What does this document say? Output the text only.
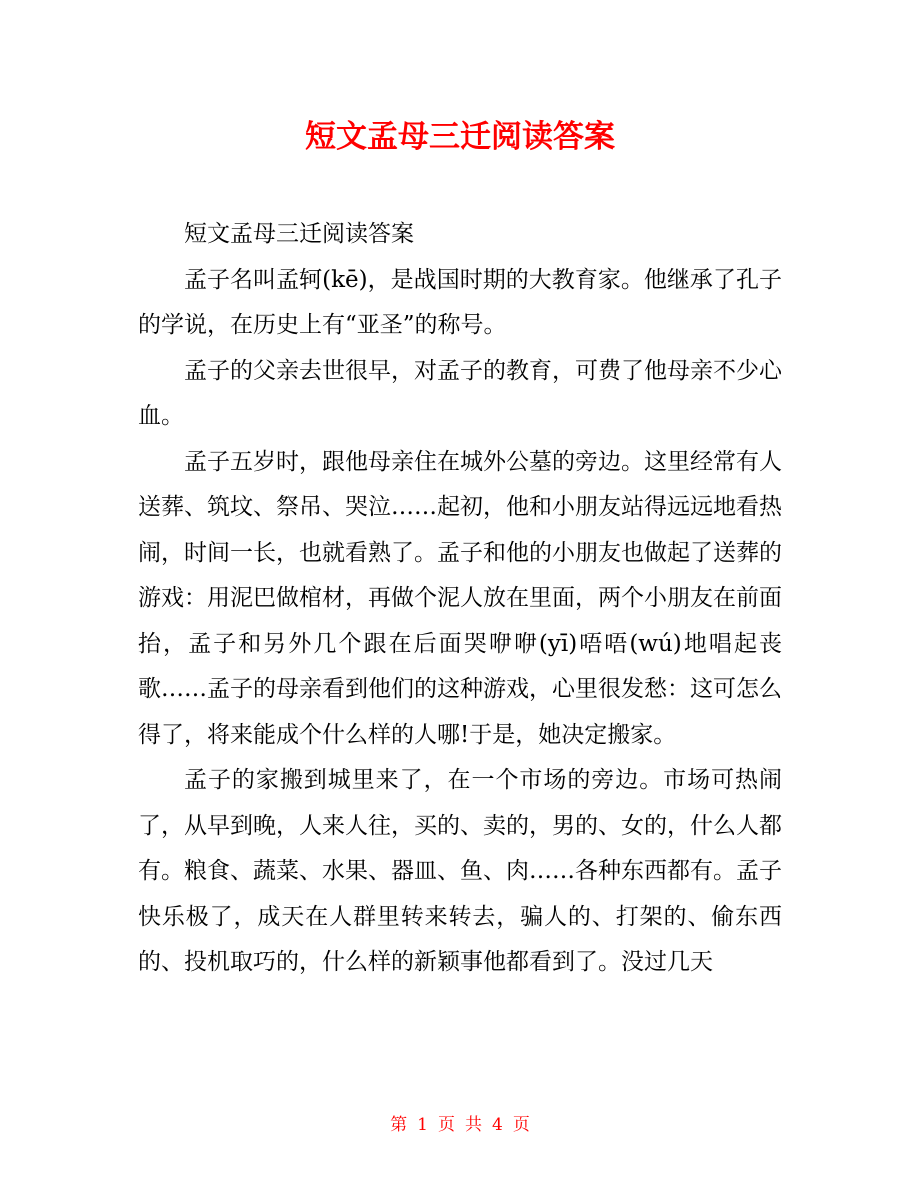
短文孟母三迁阅读答案

短文孟母三迁阅读答案

孟子名叫孟轲(kē)，是战国时期的大教育家。他继承了孔子的学说，在历史上有“亚圣”的称号。

孟子的父亲去世很早，对孟子的教育，可费了他母亲不少心血。

孟子五岁时，跟他母亲住在城外公墓的旁边。这里经常有人送葬、筑坟、祭吊、哭泣……起初，他和小朋友站得远远地看热闹，时间一长，也就看熟了。孟子和他的小朋友也做起了送葬的游戏：用泥巴做棺材，再做个泥人放在里面，两个小朋友在前面抬，孟子和另外几个跟在后面哭咿咿(yī)唔唔(wú)地唱起丧歌……孟子的母亲看到他们的这种游戏，心里很发愁：这可怎么得了，将来能成个什么样的人哪!于是，她决定搬家。

孟子的家搬到城里来了，在一个市场的旁边。市场可热闹了，从早到晚，人来人往，买的、卖的，男的、女的，什么人都有。粮食、蔬菜、水果、器皿、鱼、肉……各种东西都有。孟子快乐极了，成天在人群里转来转去，骗人的、打架的、偷东西的、投机取巧的，什么样的新颖事他都看到了。没过几天

第 1 页 共 4 页
